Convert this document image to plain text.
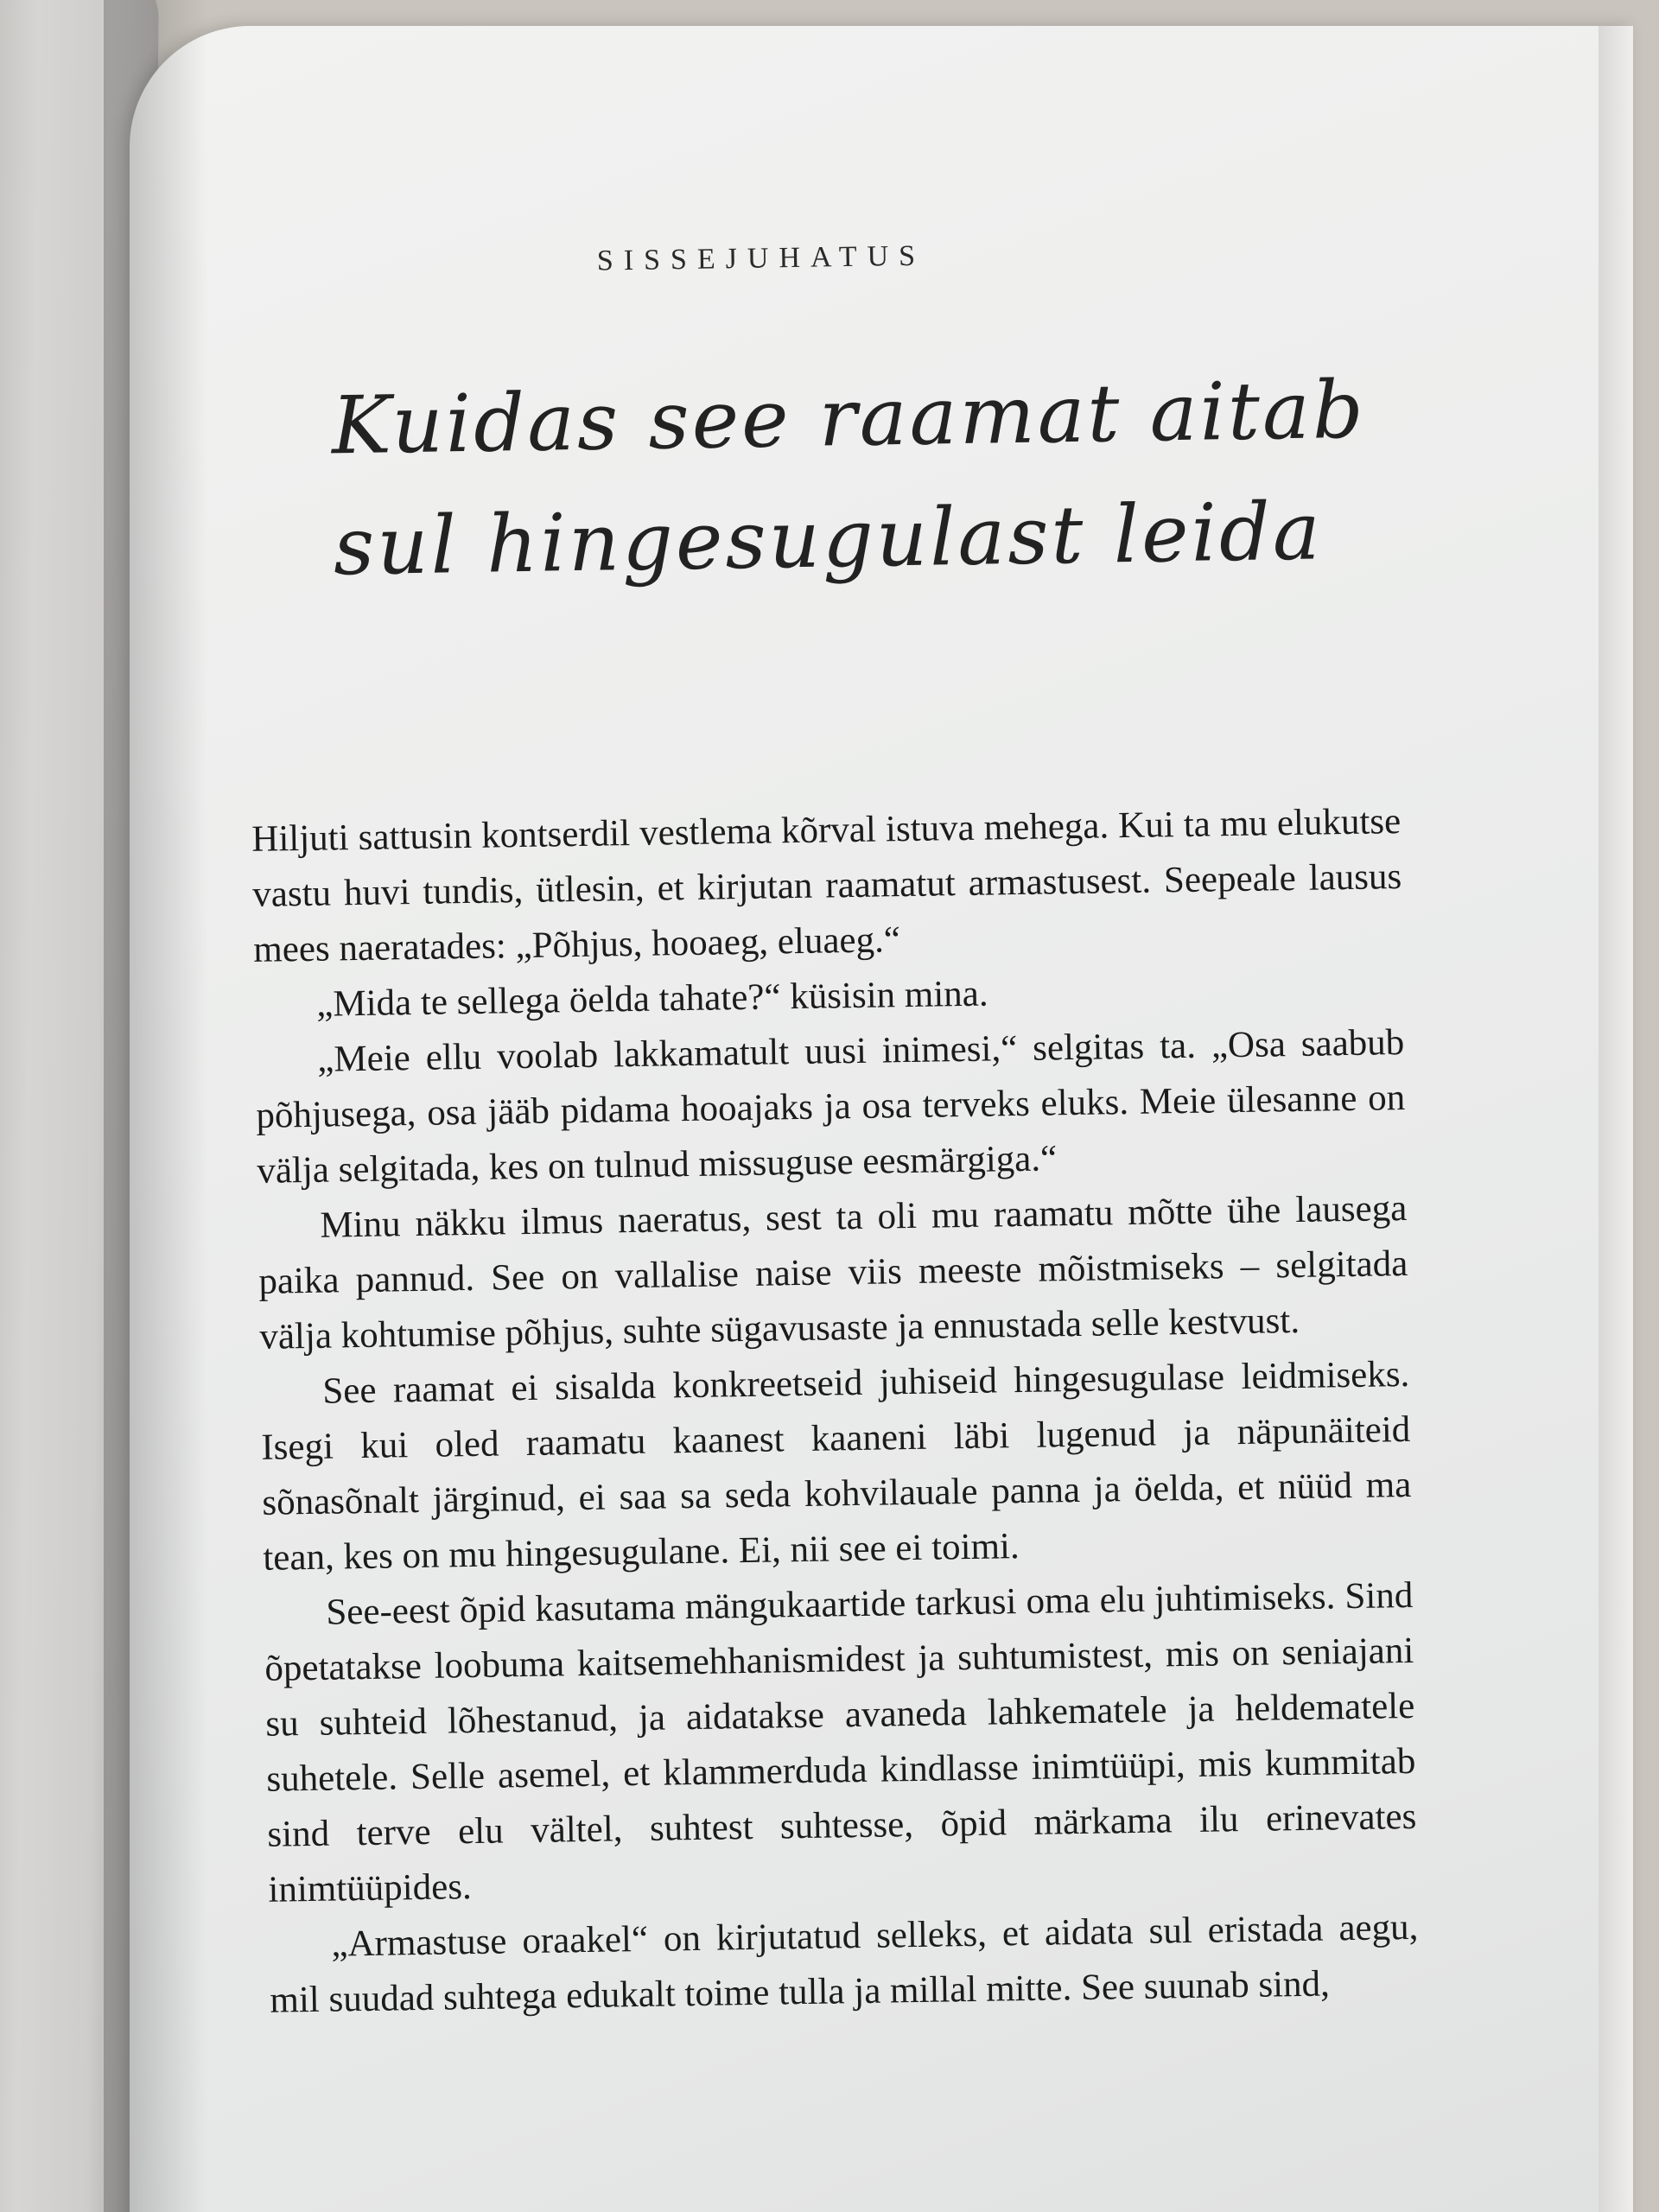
SISSEJUHATUS
Kuidas see raamat aitab
sul hingesugulast leida

Hiljuti sattusin kontserdil vestlema kõrval istuva mehega. Kui ta mu elukutse vastu huvi tundis, ütlesin, et kirjutan raamatut armastusest. Seepeale lausus mees naeratades: „Põhjus, hooaeg, eluaeg.“

„Mida te sellega öelda tahate?“ küsisin mina.

„Meie ellu voolab lakkamatult uusi inimesi,“ selgitas ta. „Osa saabub põhjusega, osa jääb pidama hooajaks ja osa terveks eluks. Meie ülesanne on välja selgitada, kes on tulnud missuguse eesmärgiga.“

Minu näkku ilmus naeratus, sest ta oli mu raamatu mõtte ühe lausega paika pannud. See on vallalise naise viis meeste mõistmiseks – selgitada välja kohtumise põhjus, suhte sügavusaste ja ennustada selle kestvust.

See raamat ei sisalda konkreetseid juhiseid hingesugulase leidmiseks. Isegi kui oled raamatu kaanest kaaneni läbi lugenud ja näpunäiteid sõnasõnalt järginud, ei saa sa seda kohvilauale panna ja öelda, et nüüd ma tean, kes on mu hingesugulane. Ei, nii see ei toimi.

See-eest õpid kasutama mängukaartide tarkusi oma elu juhtimiseks. Sind õpetatakse loobuma kaitsemehhanismidest ja suhtumistest, mis on seniajani su suhteid lõhestanud, ja aidatakse avaneda lahkematele ja heldematele suhetele. Selle asemel, et klammerduda kindlasse inimtüüpi, mis kummitab sind terve elu vältel, suhtest suhtesse, õpid märkama ilu erinevates inimtüüpides.

„Armastuse oraakel“ on kirjutatud selleks, et aidata sul eristada aegu, mil suudad suhtega edukalt toime tulla ja millal mitte. See suunab sind,
